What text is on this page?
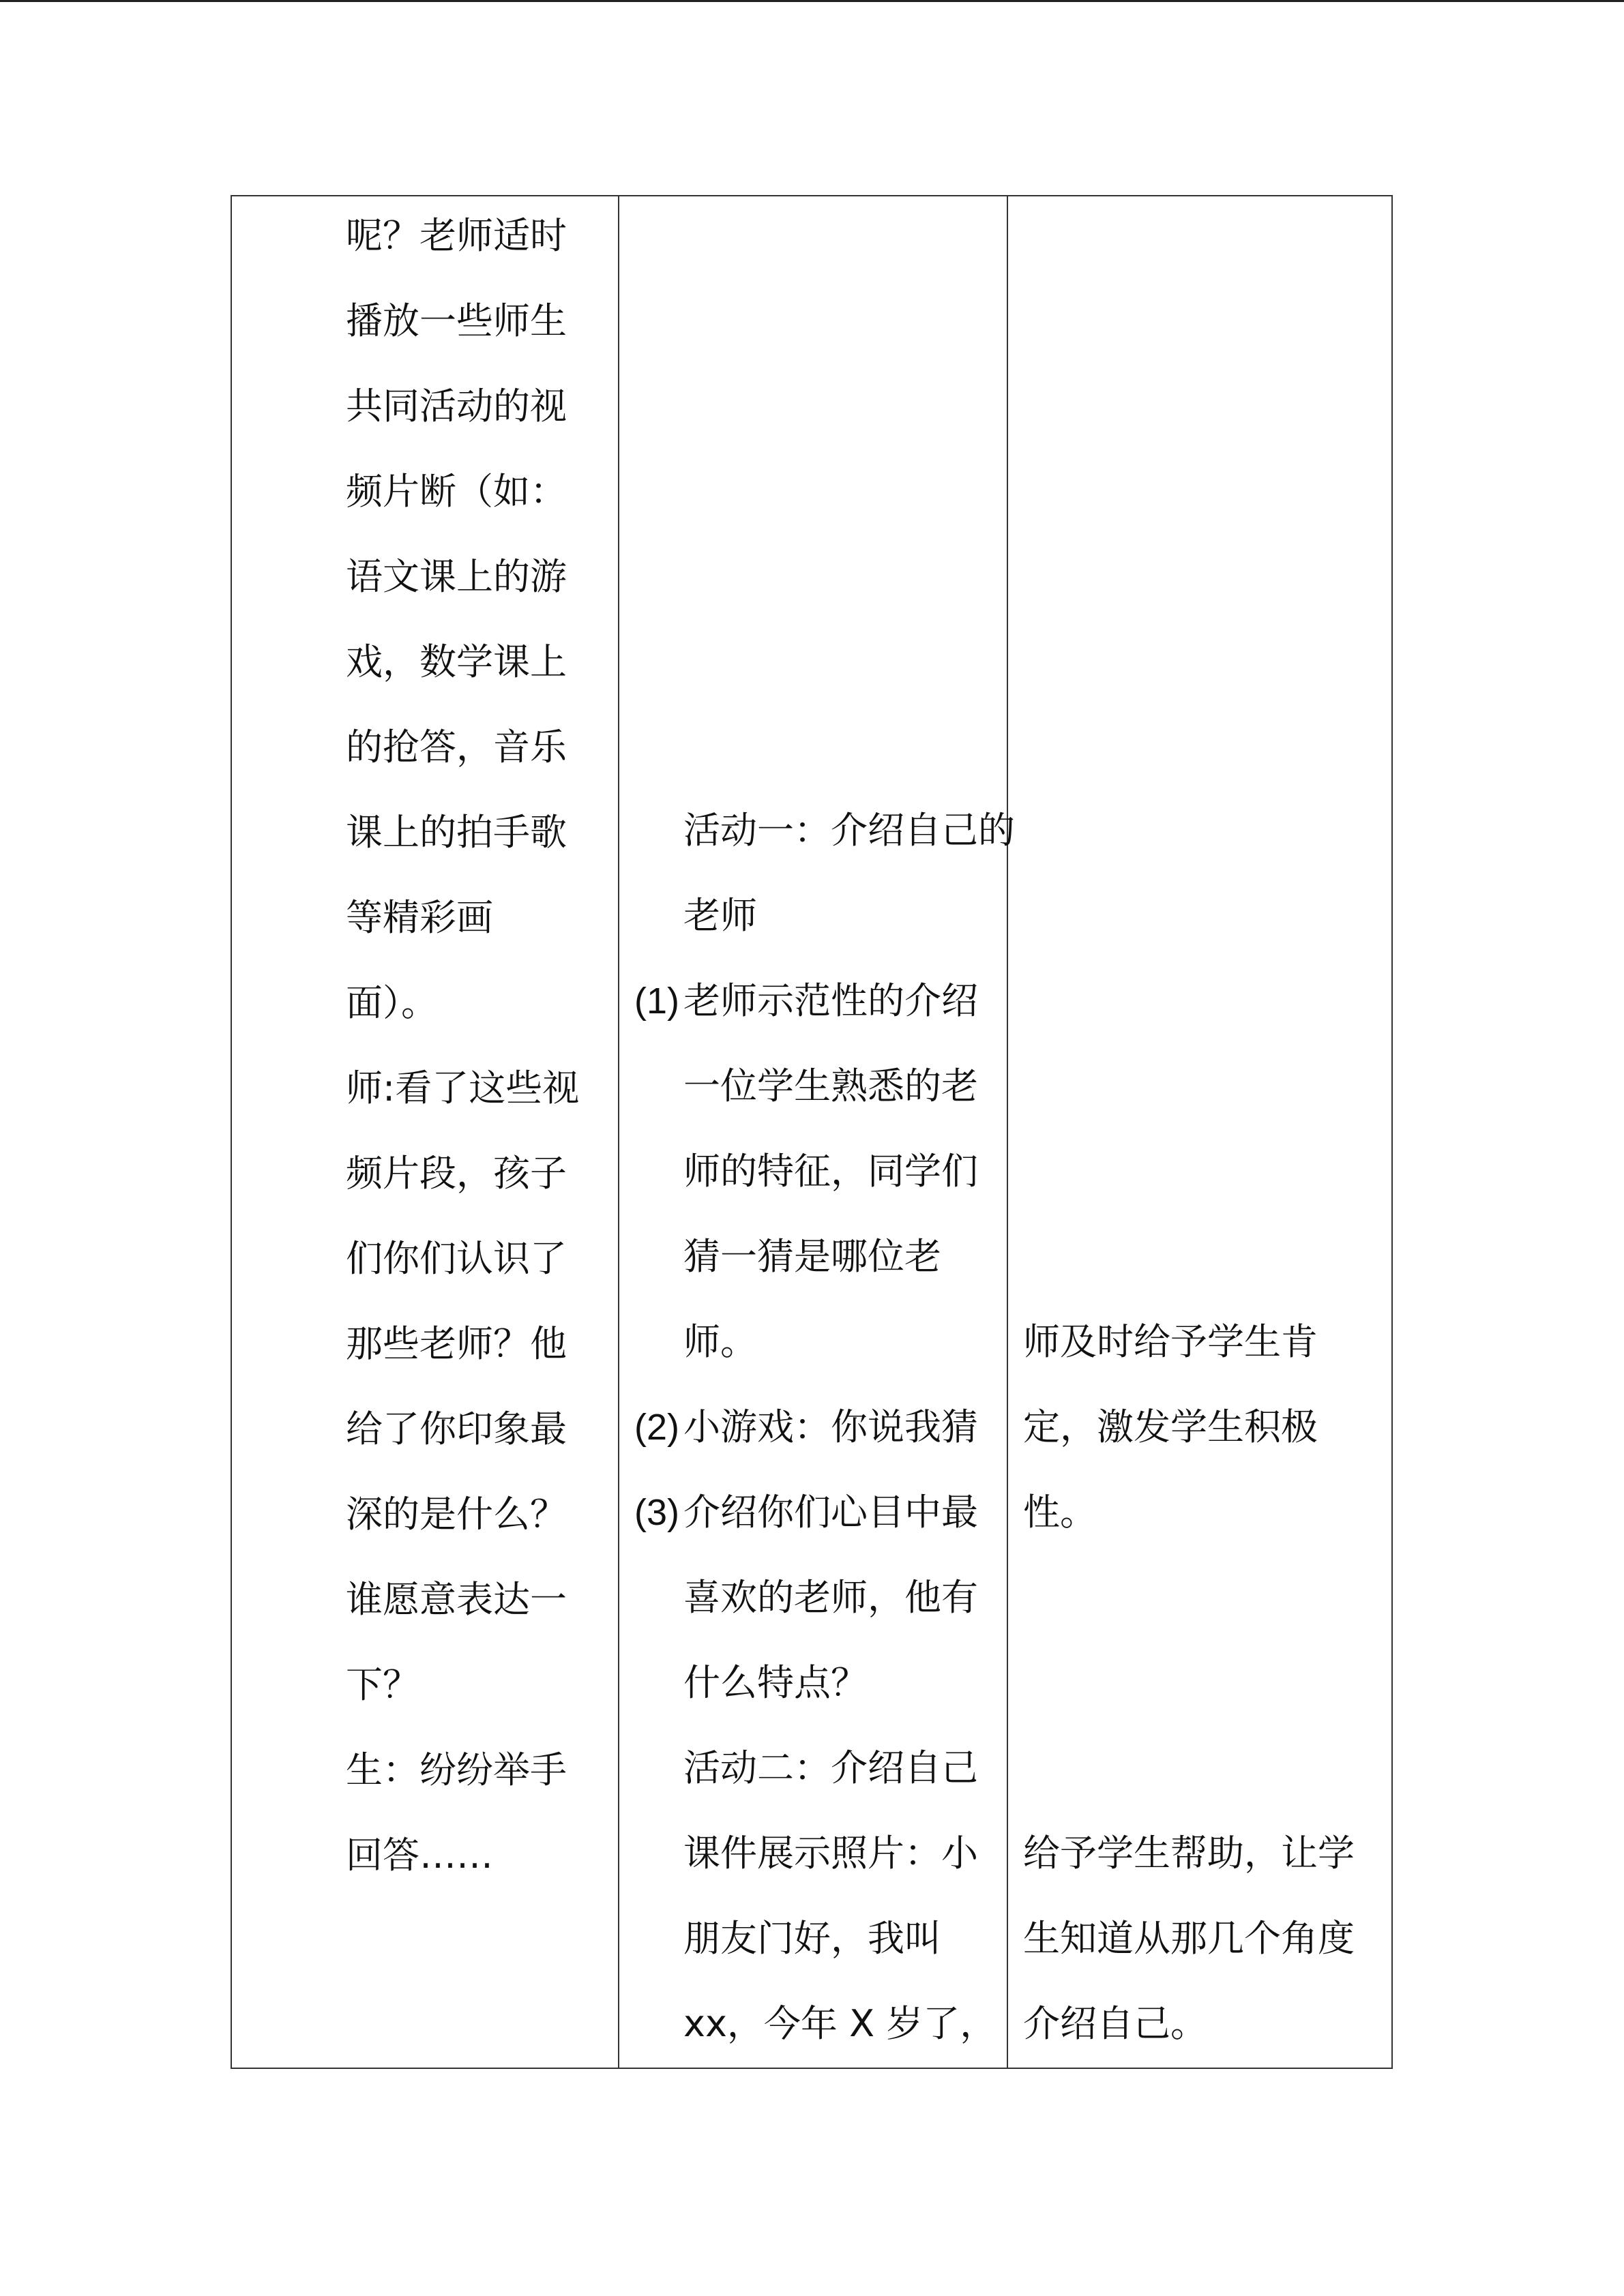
呢？老师适时
播放一些师生
共同活动的视
频片断（如：
语文课上的游
戏，数学课上
的抢答，音乐
课上的拍手歌
等精彩画
面）。
师:看了这些视
频片段，孩子
们你们认识了
那些老师？他
给了你印象最
深的是什么？
谁愿意表达一
下？
生：纷纷举手
回答……
活动一：介绍自己的
老师
(1) 老师示范性的介绍
一位学生熟悉的老
师的特征，同学们
猜一猜是哪位老
师。
(2) 小游戏：你说我猜
(3) 介绍你们心目中最
喜欢的老师，他有
什么特点？
活动二：介绍自己
课件展示照片：小
朋友门好，我叫
xx，今年 X 岁了，
师及时给予学生肯
定，激发学生积极
性。
给予学生帮助，让学
生知道从那几个角度
介绍自己。
